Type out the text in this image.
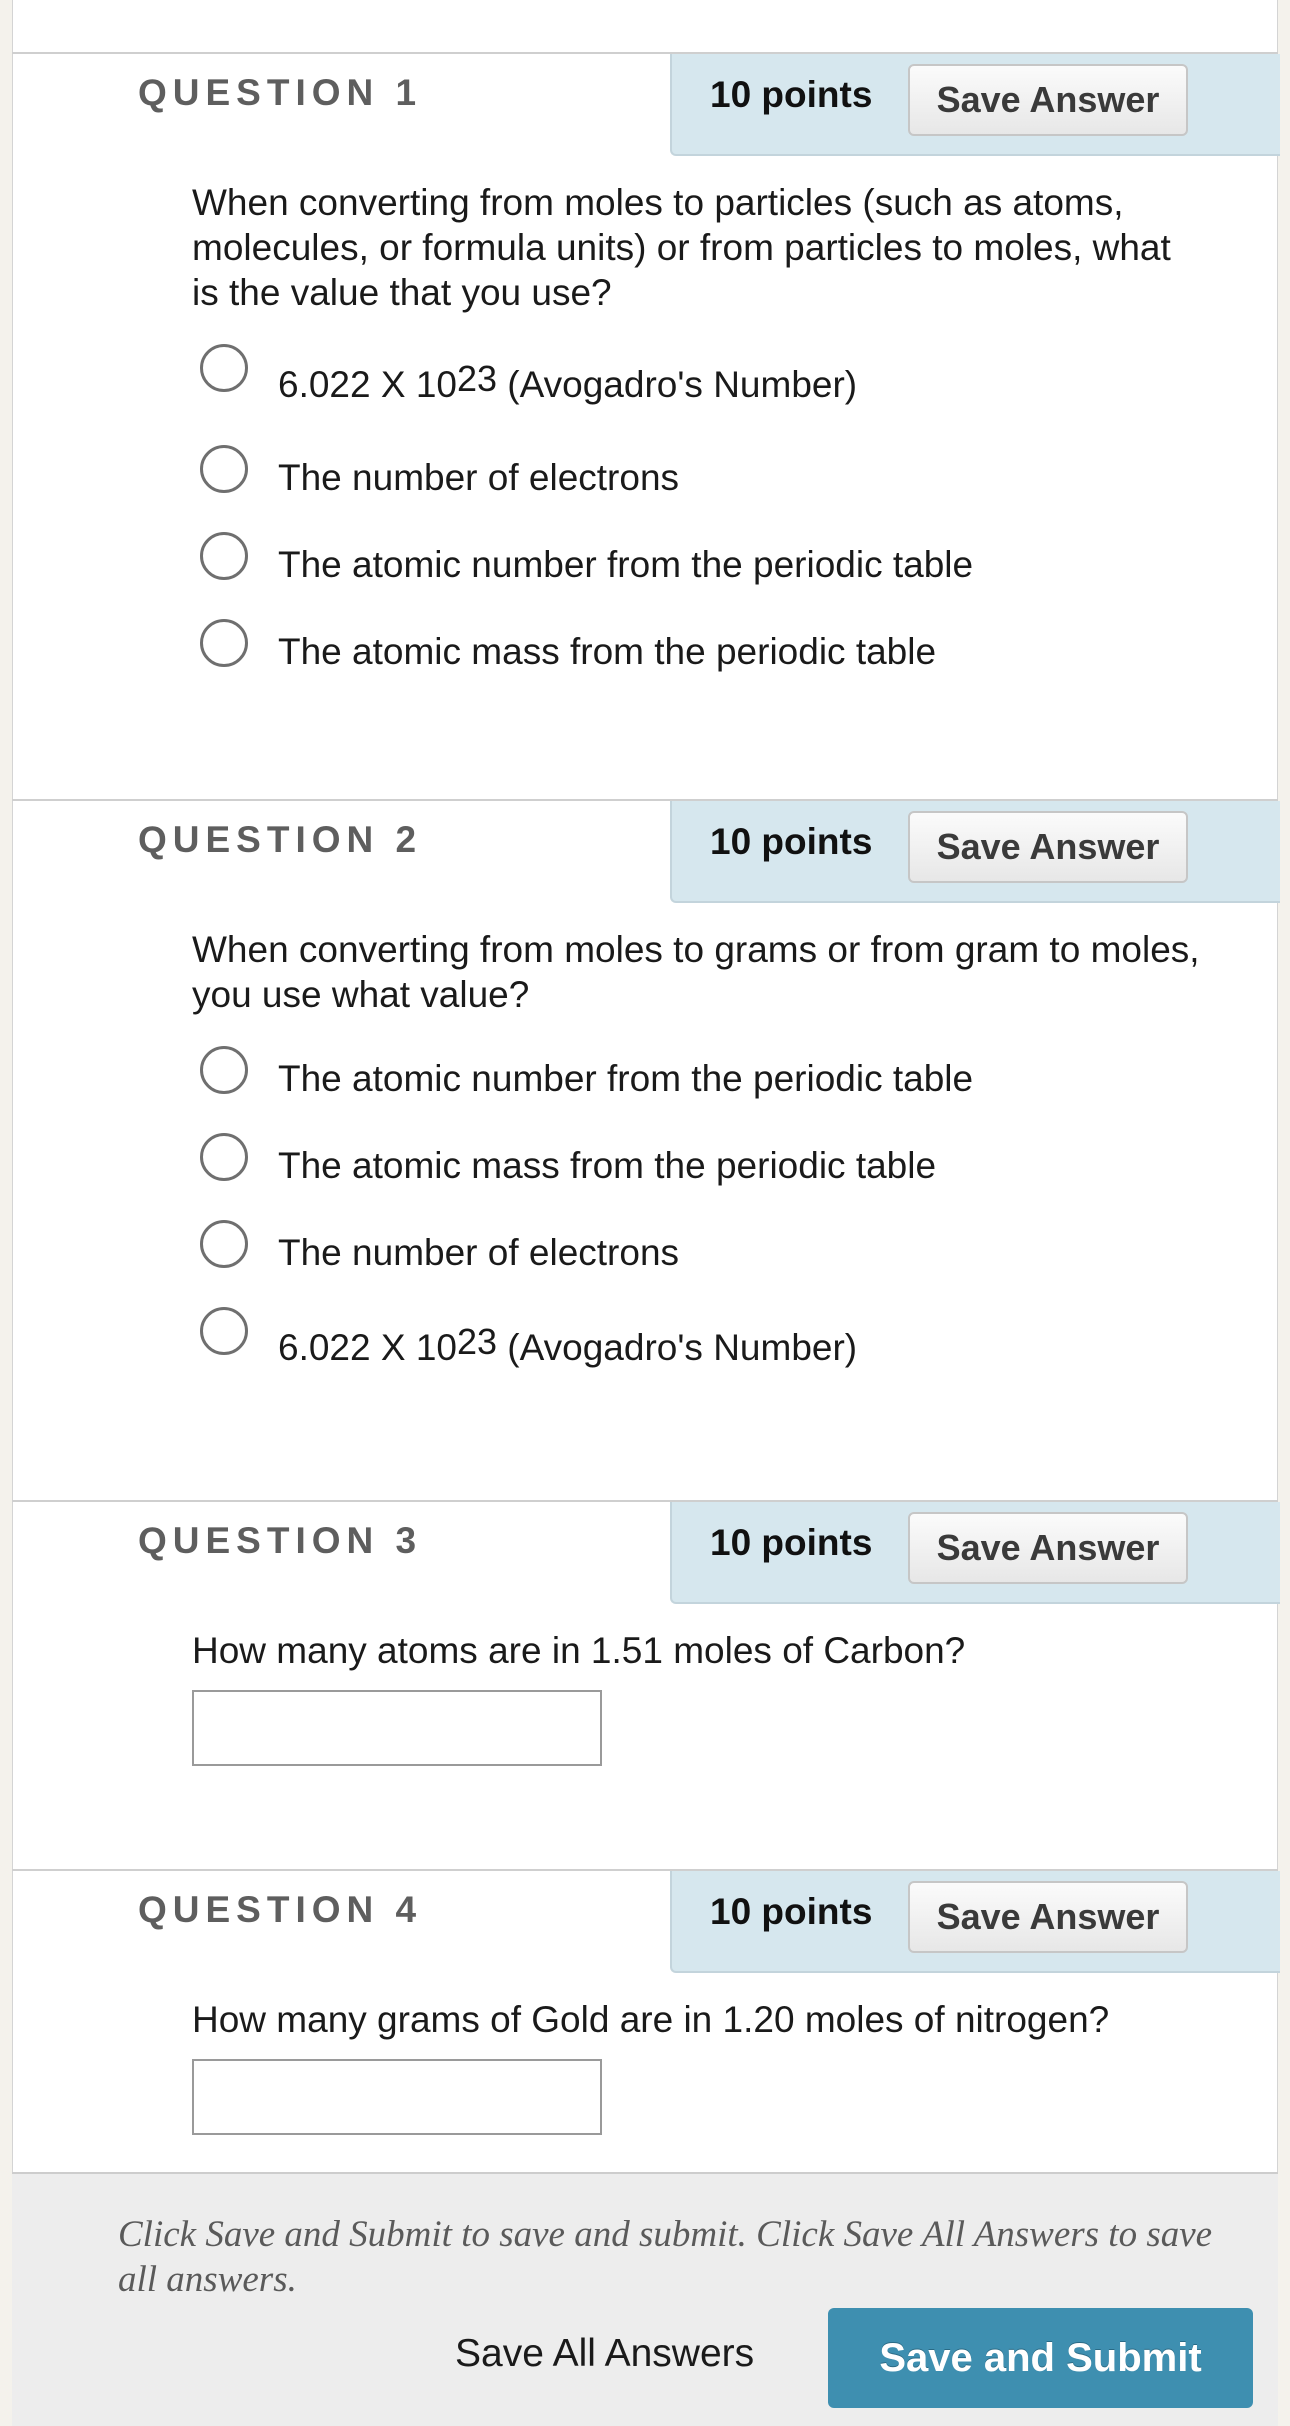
QUESTION 1	10 points	Save Answer
When converting from moles to particles (such as atoms, molecules, or formula units) or from particles to moles, what is the value that you use?
6.022 X $10^{23}$ (Avogadro's Number)
The number of electrons
The atomic number from the periodic table
The atomic mass from the periodic table
QUESTION 2	10 points	Save Answer
When converting from moles to grams or from gram to moles, you use what value?
The atomic number from the periodic table
The atomic mass from the periodic table
The number of electrons
6.022 X $10^{23}$ (Avogadro's Number)
QUESTION 3	10 points	Save Answer
How many atoms are in 1.51 moles of Carbon?
QUESTION 4	10 points	Save Answer
How many grams of Gold are in 1.20 moles of nitrogen?
Click Save and Submit to save and submit. Click Save All Answers to save all answers.
Save All Answers	Save and Submit
